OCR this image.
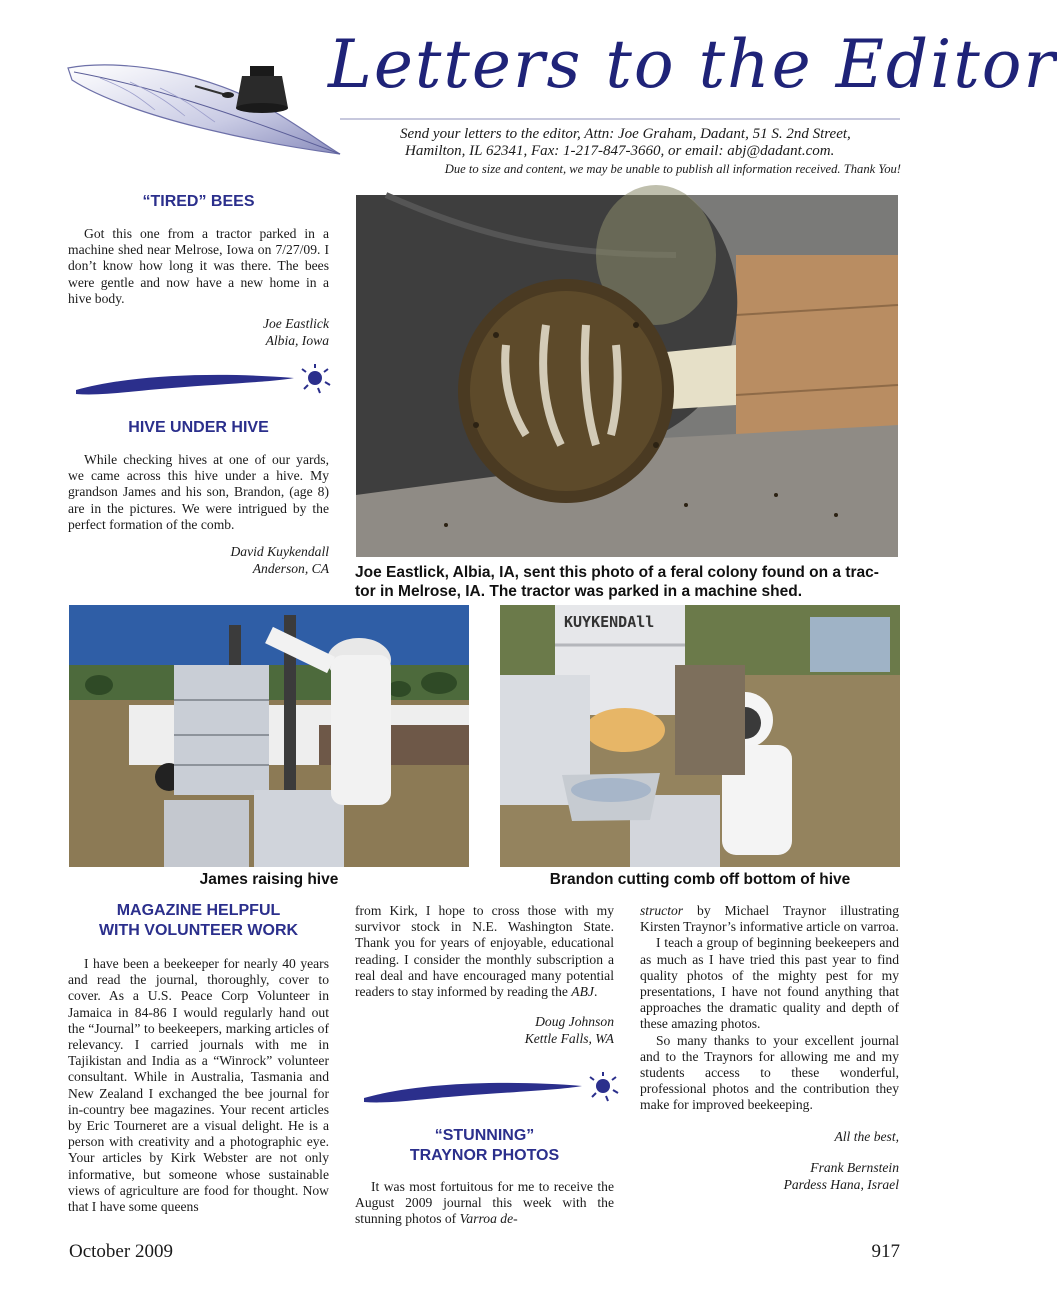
Letters to the Editor
Send your letters to the editor, Attn: Joe Graham, Dadant, 51 S. 2nd Street,
Hamilton, IL 62341, Fax: 1-217-847-3660, or email: abj@dadant.com.
Due to size and content, we may be unable to publish all information received. Thank You!
“TIRED” BEES

Got this one from a tractor parked in a machine shed near Melrose, Iowa on 7/27/09. I don’t know how long it was there. The bees were gentle and now have a new home in a hive body.

Joe Eastlick
Albia, Iowa
HIVE UNDER HIVE

While checking hives at one of our yards, we came across this hive under a hive. My grandson James and his son, Brandon, (age 8) are in the pictures. We were intrigued by the perfect formation of the comb.

David Kuykendall
Anderson, CA Joe Eastlick, Albia, IA, sent this photo of a feral colony found on a trac-
tor in Melrose, IA. The tractor was parked in a machine shed.
James raising hive
KUYKENDAll
Brandon cutting comb off bottom of hive
MAGAZINE HELPFUL
WITH VOLUNTEER WORK

I have been a beekeeper for nearly 40 years and read the journal, thoroughly, cover to cover. As a U.S. Peace Corp Volunteer in Jamaica in 84-86 I would regularly hand out the “Journal” to beekeepers, marking articles of relevancy. I carried journals with me in Tajikistan and India as a “Winrock” volunteer consultant. While in Australia, Tasmania and New Zealand I exchanged the bee journal for in-country bee magazines. Your recent articles by Eric Tourneret are a visual delight. He is a person with creativity and a photographic eye. Your articles by Kirk Webster are not only informative, but someone whose sustainable views of agriculture are food for thought. Now that I have some queens

from Kirk, I hope to cross those with my survivor stock in N.E. Washington State. Thank you for years of enjoyable, educational reading. I consider the monthly subscription a real deal and have encouraged many potential readers to stay informed by reading the ABJ.

Doug Johnson
Kettle Falls, WA
“STUNNING”
TRAYNOR PHOTOS

It was most fortuitous for me to receive the August 2009 journal this week with the stunning photos of Varroa de-

structor by Michael Traynor illustrating Kirsten Traynor’s informative article on varroa.

I teach a group of beginning beekeepers and as much as I have tried this past year to find quality photos of the mighty pest for my presentations, I have not found anything that approaches the dramatic quality and depth of these amazing photos.

So many thanks to your excellent journal and to the Traynors for allowing me and my students access to these wonderful, professional photos and the contribution they make for improved beekeeping.

All the best,
Frank Bernstein
Pardess Hana, Israel
October 2009	917
